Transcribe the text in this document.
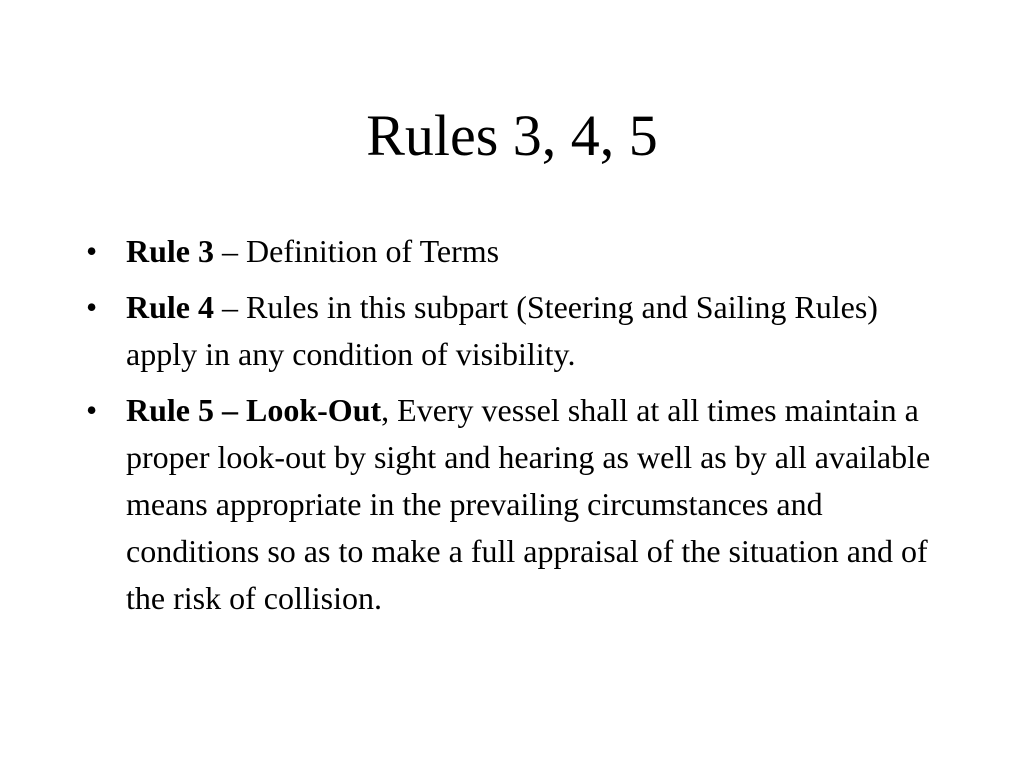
Rules 3, 4, 5
• Rule 3 – Definition of Terms
• Rule 4 – Rules in this subpart (Steering and Sailing Rules) apply in any condition of visibility.
• Rule 5 – Look-Out, Every vessel shall at all times maintain a proper look-out by sight and hearing as well as by all available means appropriate in the prevailing circumstances and conditions so as to make a full appraisal of the situation and of the risk of collision.
